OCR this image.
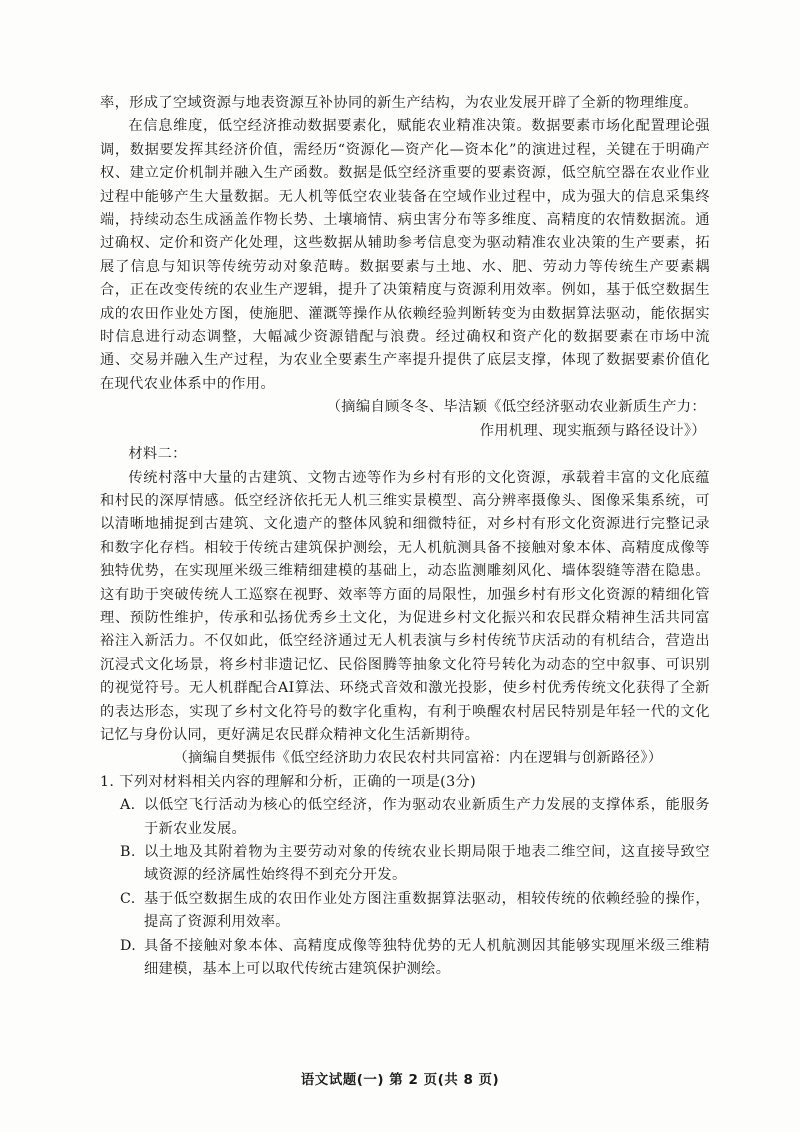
率，形成了空域资源与地表资源互补协同的新生产结构，为农业发展开辟了全新的物理维度。

在信息维度，低空经济推动数据要素化，赋能农业精准决策。数据要素市场化配置理论强调，数据要发挥其经济价值，需经历“资源化—资产化—资本化”的演进过程，关键在于明确产权、建立定价机制并融入生产函数。数据是低空经济重要的要素资源，低空航空器在农业作业过程中能够产生大量数据。无人机等低空农业装备在空域作业过程中，成为强大的信息采集终端，持续动态生成涵盖作物长势、土壤墒情、病虫害分布等多维度、高精度的农情数据流。通过确权、定价和资产化处理，这些数据从辅助参考信息变为驱动精准农业决策的生产要素，拓展了信息与知识等传统劳动对象范畴。数据要素与土地、水、肥、劳动力等传统生产要素耦合，正在改变传统的农业生产逻辑，提升了决策精度与资源利用效率。例如，基于低空数据生成的农田作业处方图，使施肥、灌溉等操作从依赖经验判断转变为由数据算法驱动，能依据实时信息进行动态调整，大幅减少资源错配与浪费。经过确权和资产化的数据要素在市场中流通、交易并融入生产过程，为农业全要素生产率提升提供了底层支撑，体现了数据要素价值化在现代农业体系中的作用。

（摘编自顾冬冬、毕洁颖《低空经济驱动农业新质生产力：

作用机理、现实瓶颈与路径设计》）

材料二：

传统村落中大量的古建筑、文物古迹等作为乡村有形的文化资源，承载着丰富的文化底蕴和村民的深厚情感。低空经济依托无人机三维实景模型、高分辨率摄像头、图像采集系统，可以清晰地捕捉到古建筑、文化遗产的整体风貌和细微特征，对乡村有形文化资源进行完整记录和数字化存档。相较于传统古建筑保护测绘，无人机航测具备不接触对象本体、高精度成像等独特优势，在实现厘米级三维精细建模的基础上，动态监测雕刻风化、墙体裂缝等潜在隐患。这有助于突破传统人工巡察在视野、效率等方面的局限性，加强乡村有形文化资源的精细化管理、预防性维护，传承和弘扬优秀乡土文化，为促进乡村文化振兴和农民群众精神生活共同富裕注入新活力。不仅如此，低空经济通过无人机表演与乡村传统节庆活动的有机结合，营造出沉浸式文化场景，将乡村非遗记忆、民俗图腾等抽象文化符号转化为动态的空中叙事、可识别的视觉符号。无人机群配合AI算法、环绕式音效和激光投影，使乡村优秀传统文化获得了全新的表达形态，实现了乡村文化符号的数字化重构，有利于唤醒农村居民特别是年轻一代的文化记忆与身份认同，更好满足农民群众精神文化生活新期待。

（摘编自樊振伟《低空经济助力农民农村共同富裕：内在逻辑与创新路径》）

1. 下列对材料相关内容的理解和分析，正确的一项是(3分)

A. 以低空飞行活动为核心的低空经济，作为驱动农业新质生产力发展的支撑体系，能服务于新农业发展。
B. 以土地及其附着物为主要劳动对象的传统农业长期局限于地表二维空间，这直接导致空域资源的经济属性始终得不到充分开发。
C. 基于低空数据生成的农田作业处方图注重数据算法驱动，相较传统的依赖经验的操作，提高了资源利用效率。
D. 具备不接触对象本体、高精度成像等独特优势的无人机航测因其能够实现厘米级三维精细建模，基本上可以取代传统古建筑保护测绘。
语文试题(一) 第 2 页(共 8 页)
